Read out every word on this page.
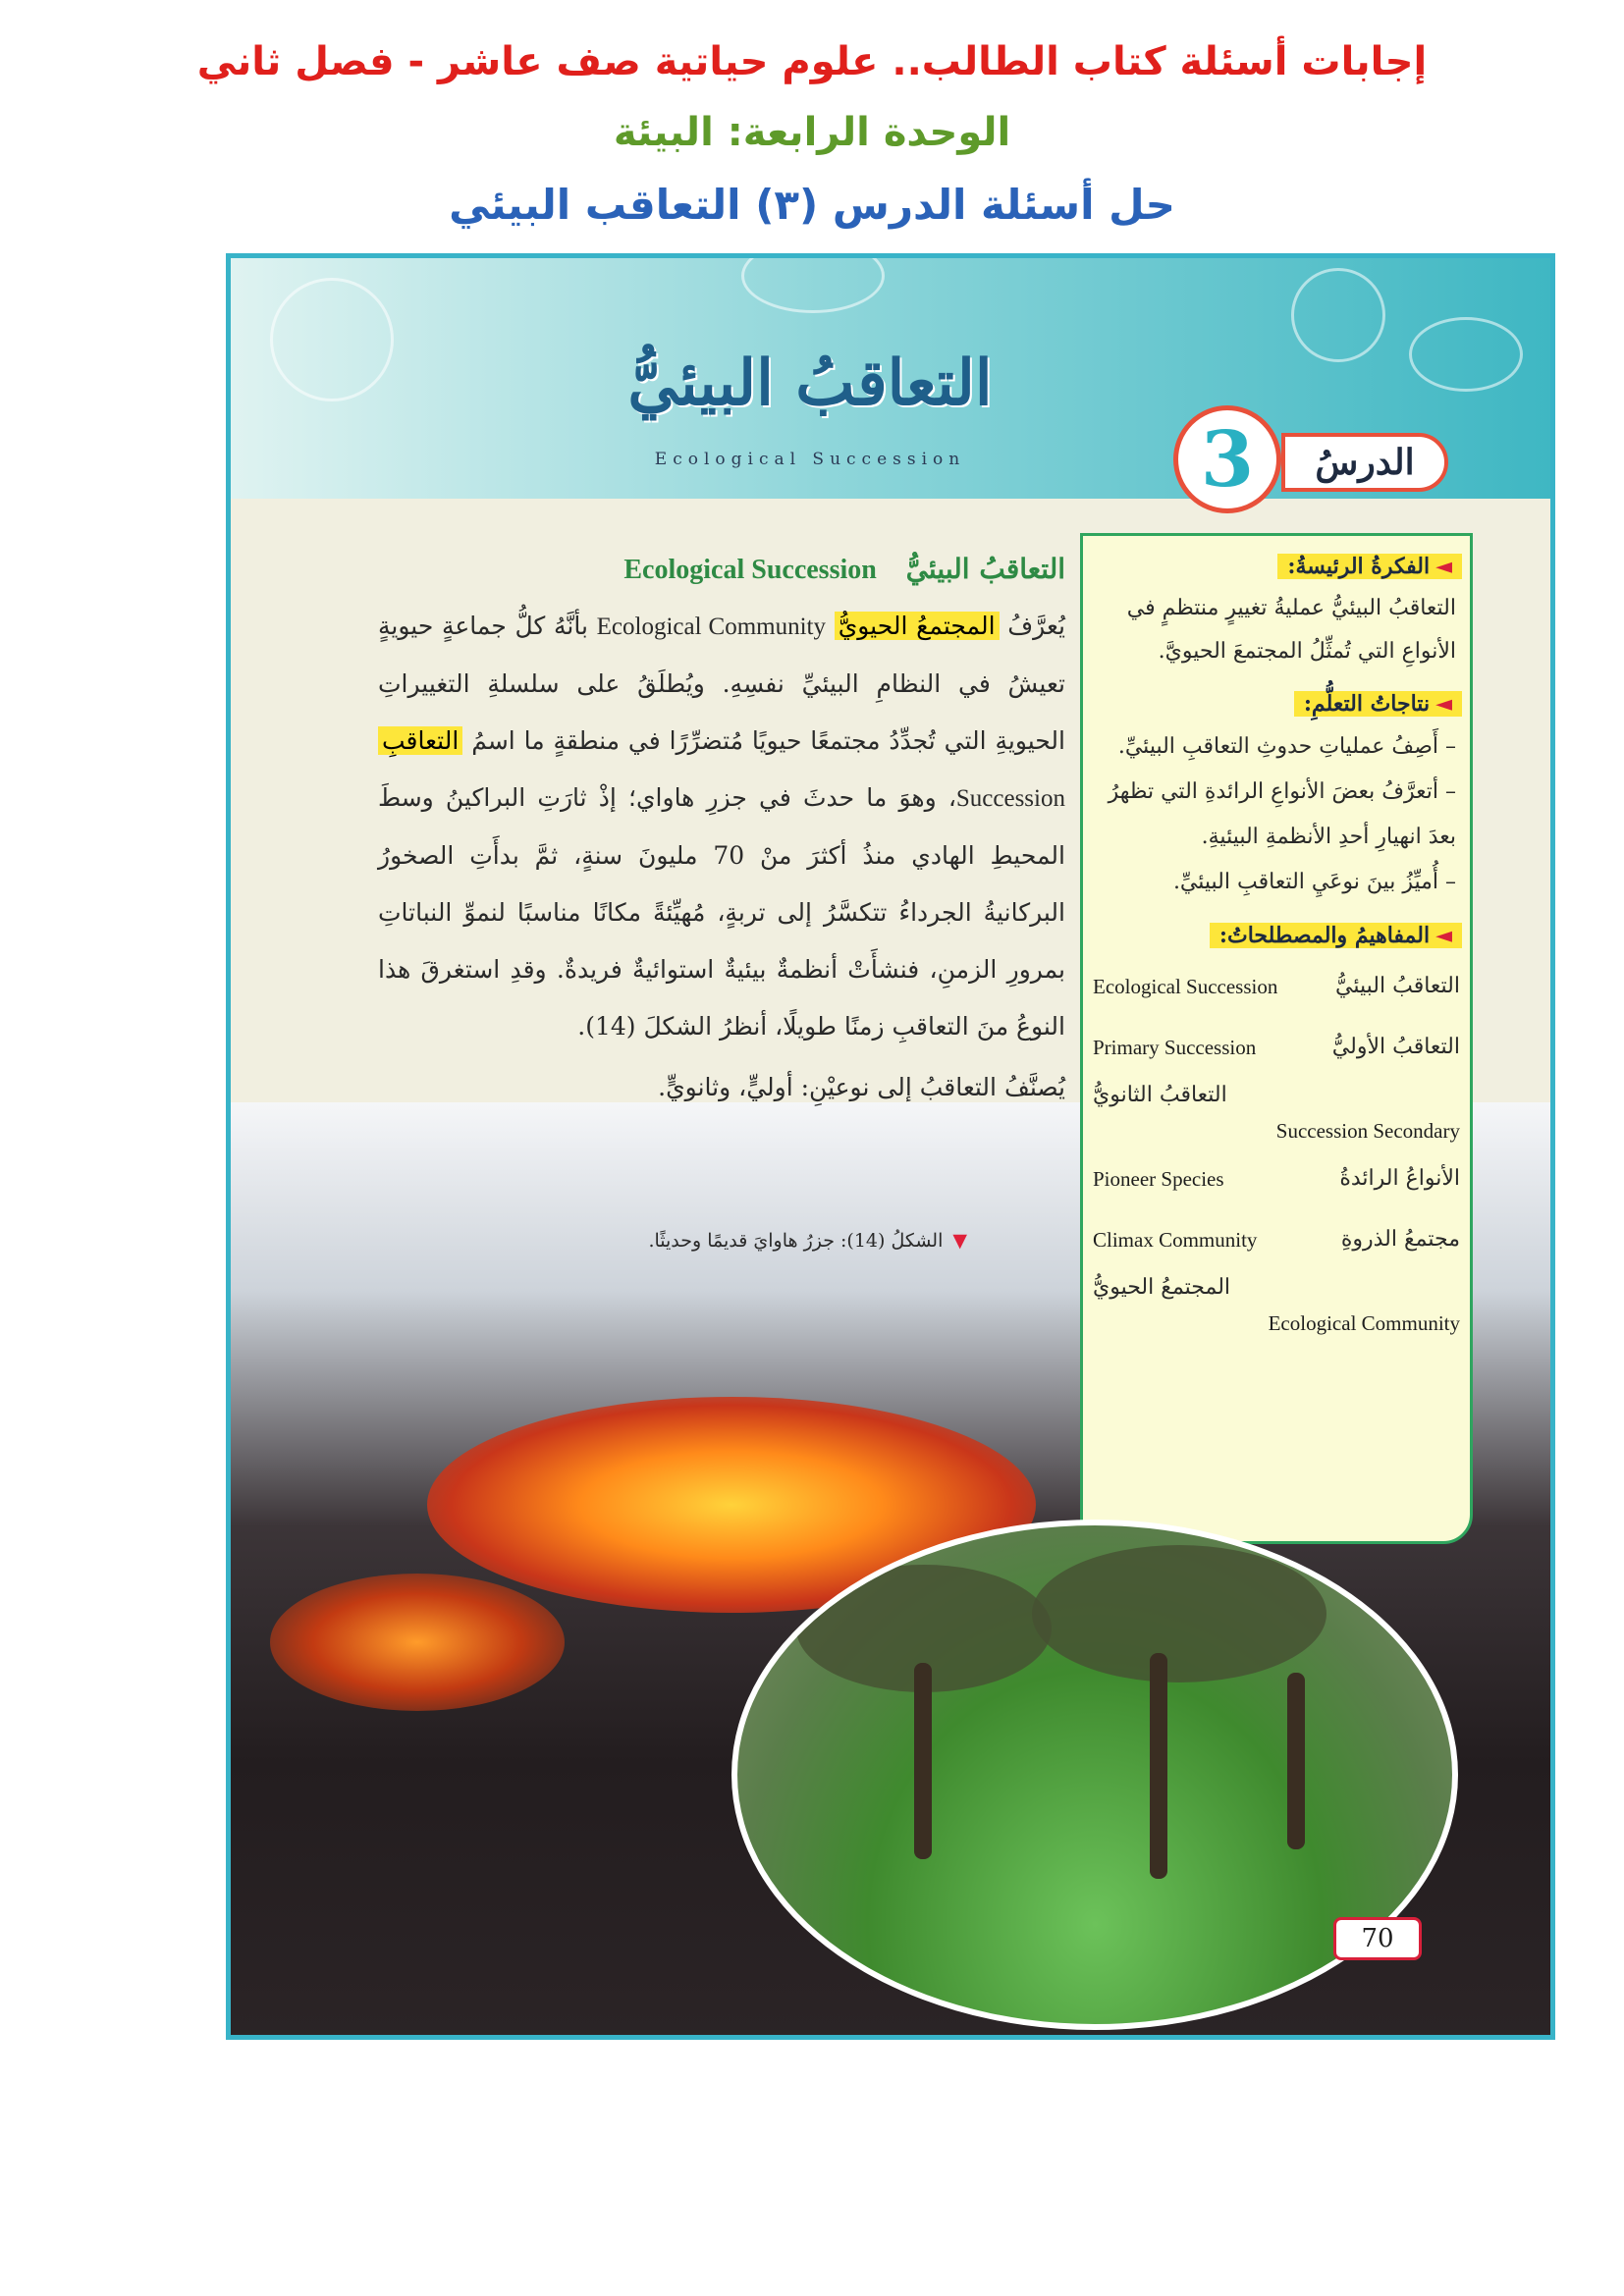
إجابات أسئلة كتاب الطالب.. علوم حياتية صف عاشر - فصل ثاني
الوحدة الرابعة: البيئة
حل أسئلة الدرس (٣) التعاقب البيئي
التعاقبُ البيئيُّ
Ecological Succession	3	الدرسُ
التعاقبُ البيئيُّ Ecological Succession
يُعرَّفُ المجتمعُ الحيويُّ Ecological Community بأنَّهُ كلُّ جماعةٍ حيويةٍ تعيشُ في النظامِ البيئيِّ نفسِهِ. ويُطلَقُ على سلسلةِ التغييراتِ الحيويةِ التي تُجدِّدُ مجتمعًا حيويًا مُتضرِّرًا في منطقةٍ ما اسمُ التعاقبِ Succession، وهوَ ما حدثَ في جزرِ هاواي؛ إذْ ثارَتِ البراكينُ وسطَ المحيطِ الهادي منذُ أكثرَ منْ 70 مليونَ سنةٍ، ثمَّ بدأَتِ الصخورُ البركانيةُ الجرداءُ تتكسَّرُ إلى تربةٍ، مُهيِّئةً مكانًا مناسبًا لنموِّ النباتاتِ بمرورِ الزمنِ، فنشأَتْ أنظمةٌ بيئيةٌ استوائيةٌ فريدةٌ. وقدِ استغرقَ هذا النوعُ منَ التعاقبِ زمنًا طويلًا، أنظرُ الشكلَ (14).
يُصنَّفُ التعاقبُ إلى نوعيْنِ: أوليٍّ، وثانويٍّ.
▼الشكلُ (14): جزرُ هاوايَ قديمًا وحديثًا.
◄الفكرةُ الرئيسةُ:
التعاقبُ البيئيُّ عمليةُ تغييرٍ منتظمٍ في الأنواعِ التي تُمثِّلُ المجتمعَ الحيويَّ.
◄نتاجاتُ التعلُّمِ:
– أَصِفُ عملياتِ حدوثِ التعاقبِ البيئيِّ.
– أتعرَّفُ بعضَ الأنواعِ الرائدةِ التي تظهرُ بعدَ انهيارِ أحدِ الأنظمةِ البيئيةِ.
– أُميِّزُ بينَ نوعَيِ التعاقبِ البيئيِّ.
◄المفاهيمُ والمصطلحاتُ:
التعاقبُ البيئيُّ
Ecological Succession
التعاقبُ الأوليُّ
Primary Succession
التعاقبُ الثانويُّ
Succession Secondary
الأنواعُ الرائدةُ
Pioneer Species
مجتمعُ الذروةِ
Climax Community
المجتمعُ الحيويُّ
Ecological Community
70
